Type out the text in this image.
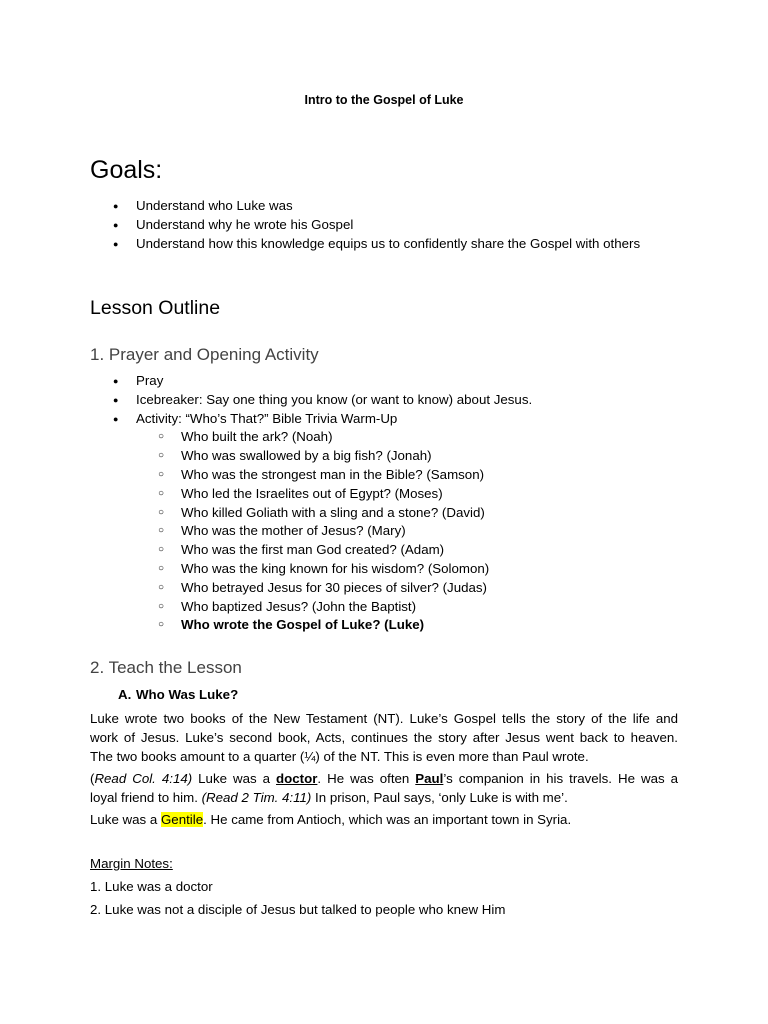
Intro to the Gospel of Luke
Goals:
● Understand who Luke was
● Understand why he wrote his Gospel
● Understand how this knowledge equips us to confidently share the Gospel with others
Lesson Outline
1. Prayer and Opening Activity
● Pray
● Icebreaker: Say one thing you know (or want to know) about Jesus.
● Activity: “Who’s That?” Bible Trivia Warm-Up
○ Who built the ark? (Noah)
○ Who was swallowed by a big fish? (Jonah)
○ Who was the strongest man in the Bible? (Samson)
○ Who led the Israelites out of Egypt? (Moses)
○ Who killed Goliath with a sling and a stone? (David)
○ Who was the mother of Jesus? (Mary)
○ Who was the first man God created? (Adam)
○ Who was the king known for his wisdom? (Solomon)
○ Who betrayed Jesus for 30 pieces of silver? (Judas)
○ Who baptized Jesus? (John the Baptist)
○ Who wrote the Gospel of Luke? (Luke)
2. Teach the Lesson
A. Who Was Luke?

Luke wrote two books of the New Testament (NT). Luke’s Gospel tells the story of the life and
work of Jesus. Luke’s second book, Acts, continues the story after Jesus went back to heaven.
The two books amount to a quarter (¼) of the NT. This is even more than Paul wrote.

(Read Col. 4:14) Luke was a doctor. He was often Paul’s companion in his travels. He was a
loyal friend to him. (Read 2 Tim. 4:11) In prison, Paul says, ‘only Luke is with me’.

Luke was a Gentile. He came from Antioch, which was an important town in Syria.

Margin Notes:
1. Luke was a doctor
2. Luke was not a disciple of Jesus but talked to people who knew Him
